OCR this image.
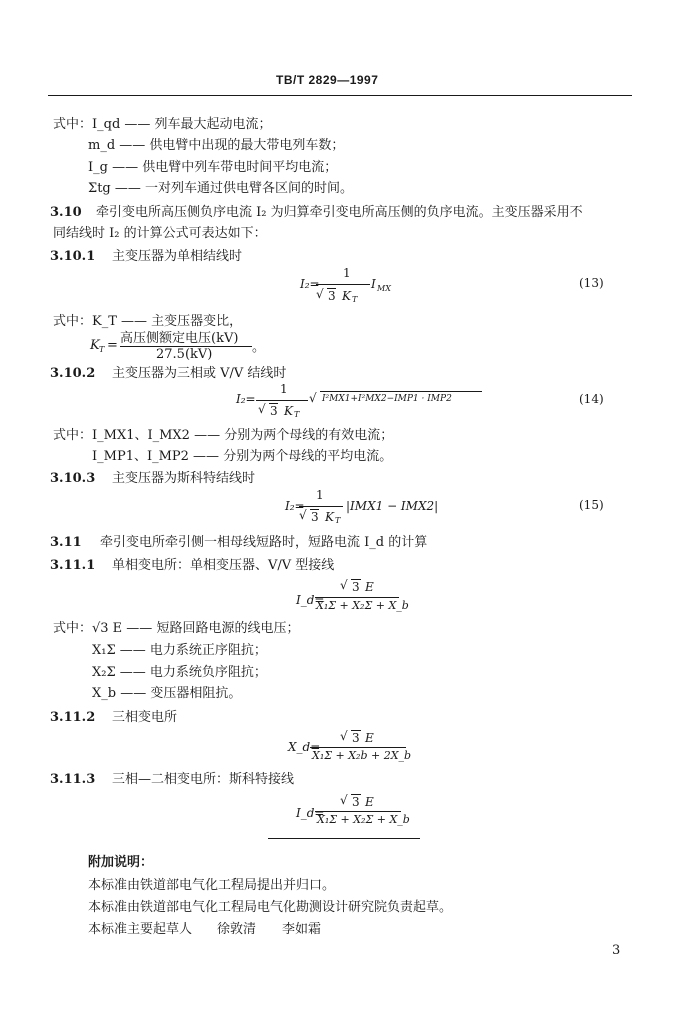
TB/T 2829—1997
式中：I_qd —— 列车最大起动电流；
m_d —— 供电臂中出现的最大带电列车数；
I_g —— 供电臂中列车带电时间平均电流；
Σtg —— 一对列车通过供电臂各区间的时间。
3.10 牵引变电所高压侧负序电流 I₂ 为归算牵引变电所高压侧的负序电流。主变压器采用不
同结线时 I₂ 的计算公式可表达如下：
3.10.1 主变压器为单相结线时
I₂=
1
√ 3 K T
I MX	(13)
式中：K_T —— 主变压器变比，
K T = 高压侧额定电压(kV)
27.5(kV)	。
3.10.2 主变压器为三相或 V/V 结线时
I₂=
1
√ 3 K T
√ I²MX1+I²MX2−IMP1 · IMP2	(14)
式中：I_MX1、I_MX2 —— 分别为两个母线的有效电流；
I_MP1、I_MP2 —— 分别为两个母线的平均电流。
3.10.3 主变压器为斯科特结线时
I₂=
1
√ 3 K T
|IMX1 − IMX2|	(15)
3.11 牵引变电所牵引侧一相母线短路时，短路电流 I_d 的计算
3.11.1 单相变电所：单相变压器、V/V 型接线
I_d=
√ 3 E
X₁Σ + X₂Σ + X_b
式中：√3 E —— 短路回路电源的线电压；
X₁Σ —— 电力系统正序阻抗；
X₂Σ —— 电力系统负序阻抗；
X_b —— 变压器相阻抗。
3.11.2 三相变电所
X_d=
√ 3 E
X₁Σ + X₂b + 2X_b
3.11.3 三相—二相变电所：斯科特接线
I_d=
√ 3 E
X₁Σ + X₂Σ + X_b
附加说明：
本标准由铁道部电气化工程局提出并归口。
本标准由铁道部电气化工程局电气化勘测设计研究院负责起草。
本标准主要起草人 徐敦清 李如霜
3
